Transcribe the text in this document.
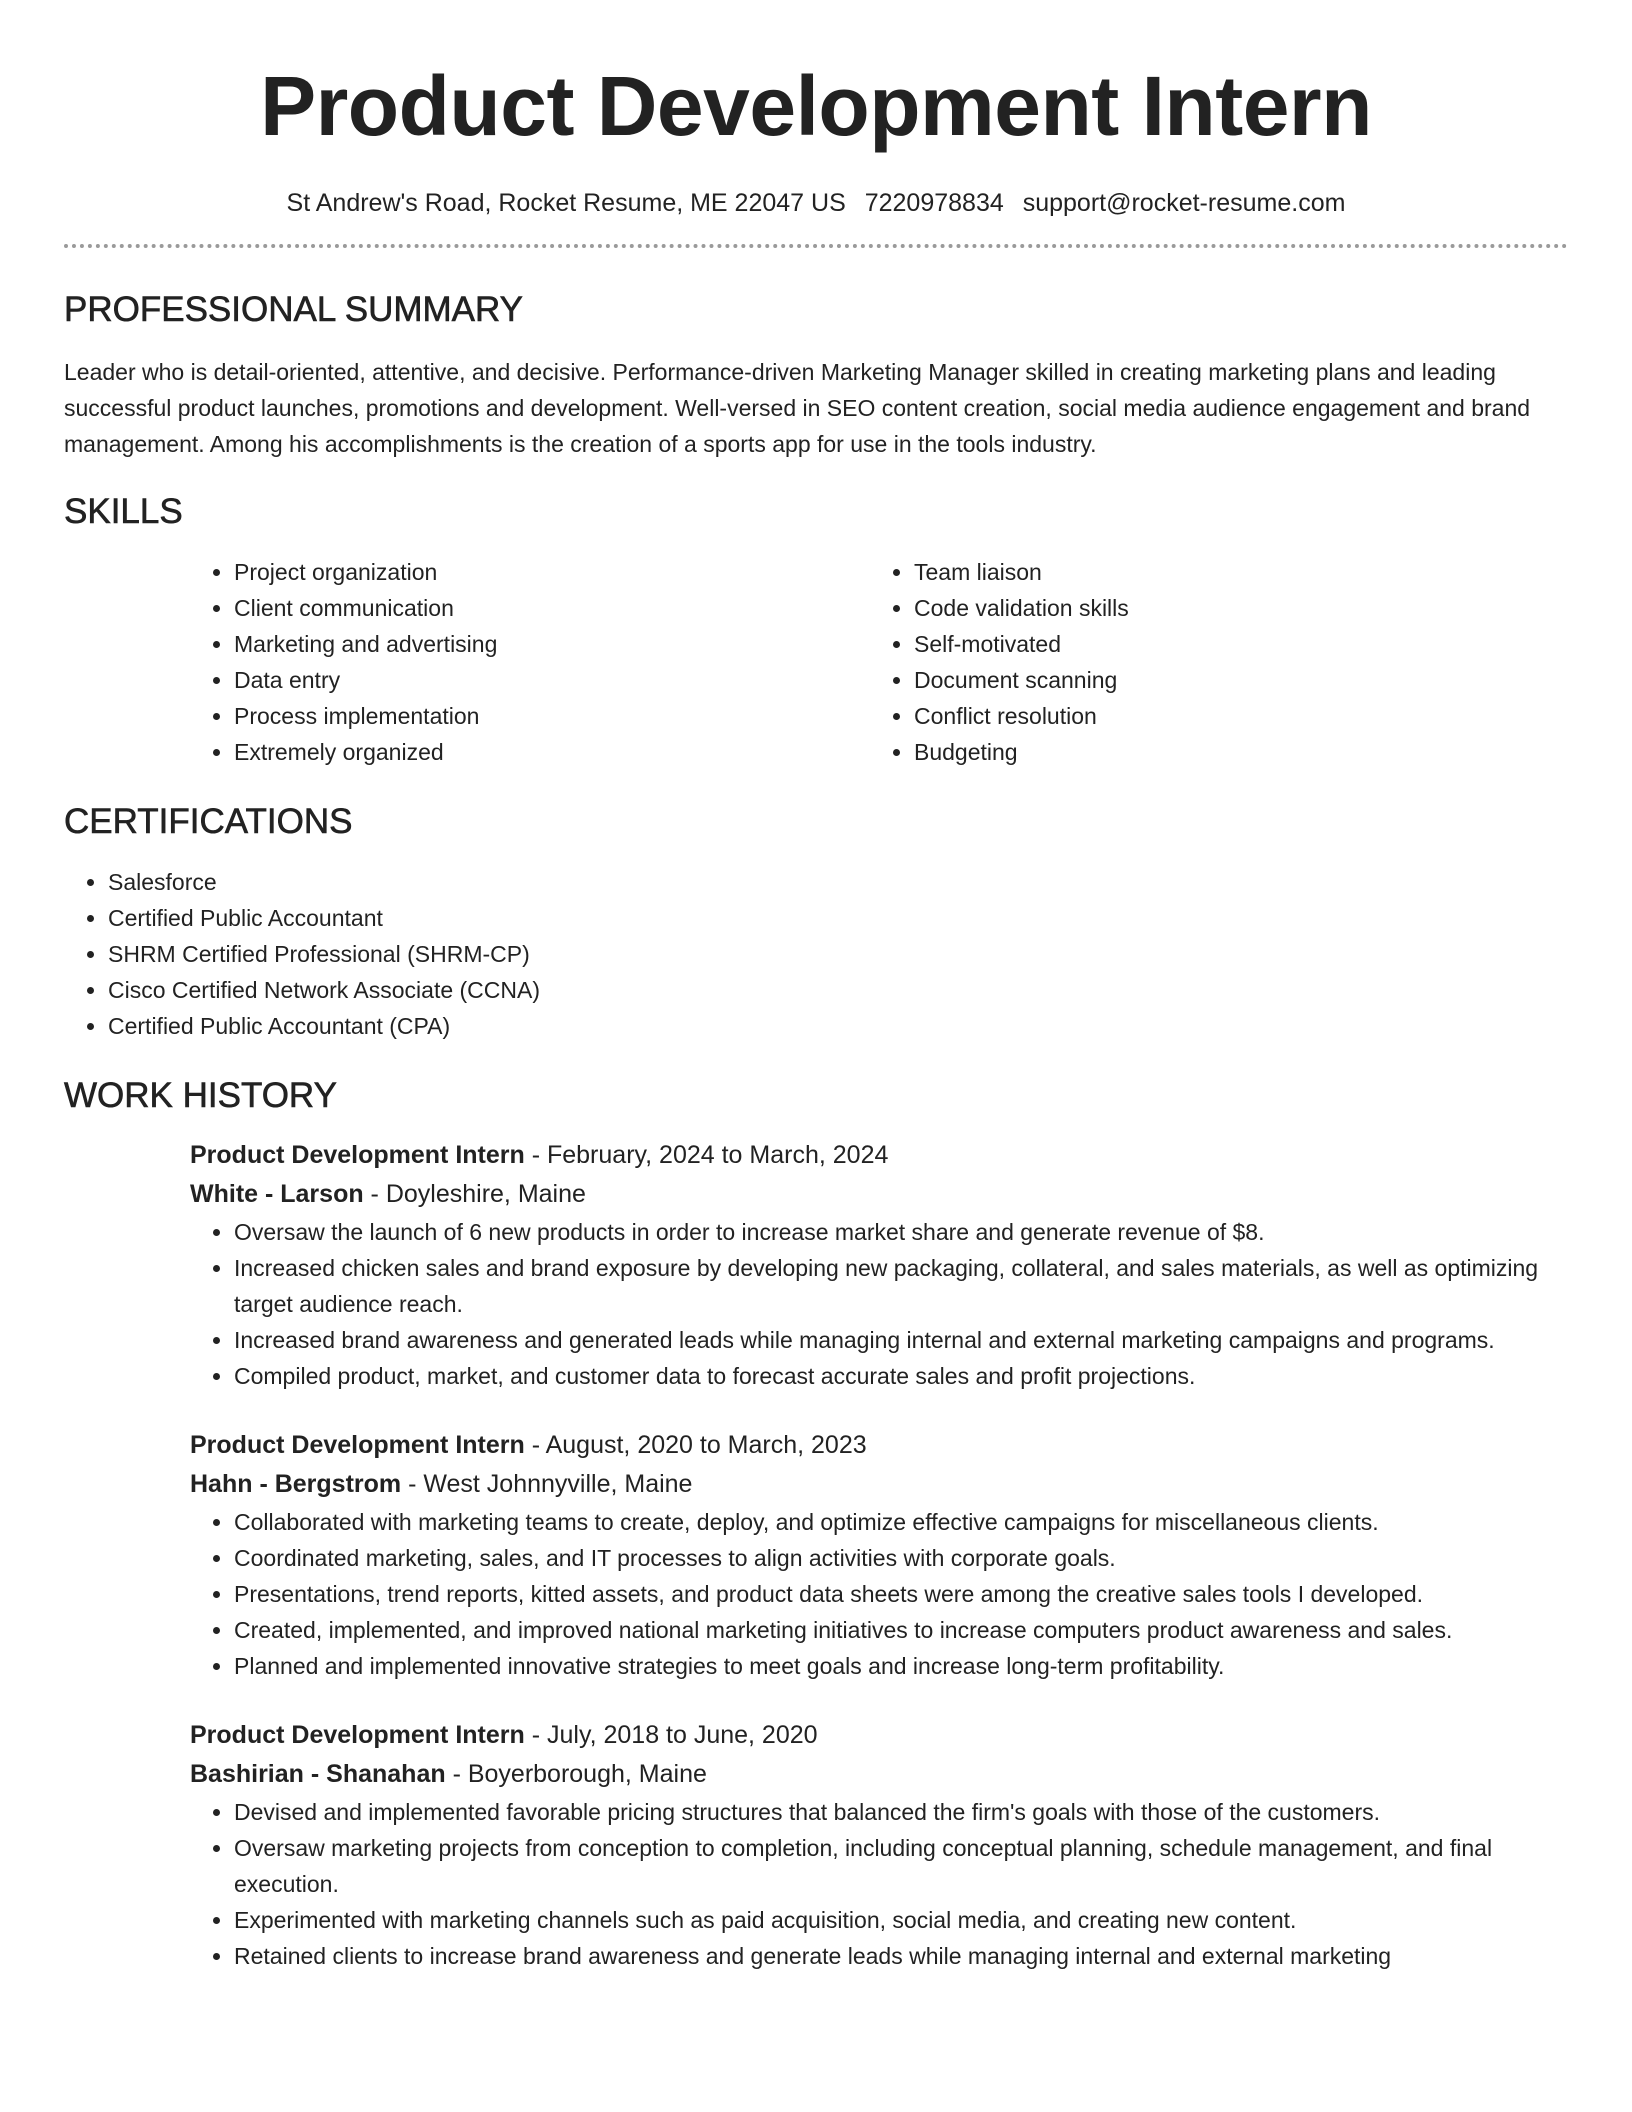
Product Development Intern
St Andrew's Road, Rocket Resume, ME 22047 US 7220978834 support@rocket-resume.com
PROFESSIONAL SUMMARY

Leader who is detail-oriented, attentive, and decisive. Performance-driven Marketing Manager skilled in creating marketing plans and leading successful product launches, promotions and development. Well-versed in SEO content creation, social media audience engagement and brand management. Among his accomplishments is the creation of a sports app for use in the tools industry.

SKILLS
• Project organization
• Client communication
• Marketing and advertising
• Data entry
• Process implementation
• Extremely organized
• Team liaison
• Code validation skills
• Self-motivated
• Document scanning
• Conflict resolution
• Budgeting
CERTIFICATIONS
• Salesforce
• Certified Public Accountant
• SHRM Certified Professional (SHRM-CP)
• Cisco Certified Network Associate (CCNA)
• Certified Public Accountant (CPA)
WORK HISTORY
Product Development Intern - February, 2024 to March, 2024
White - Larson - Doyleshire, Maine
• Oversaw the launch of 6 new products in order to increase market share and generate revenue of $8.
• Increased chicken sales and brand exposure by developing new packaging, collateral, and sales materials, as well as optimizing target audience reach.
• Increased brand awareness and generated leads while managing internal and external marketing campaigns and programs.
• Compiled product, market, and customer data to forecast accurate sales and profit projections.
Product Development Intern - August, 2020 to March, 2023
Hahn - Bergstrom - West Johnnyville, Maine
• Collaborated with marketing teams to create, deploy, and optimize effective campaigns for miscellaneous clients.
• Coordinated marketing, sales, and IT processes to align activities with corporate goals.
• Presentations, trend reports, kitted assets, and product data sheets were among the creative sales tools I developed.
• Created, implemented, and improved national marketing initiatives to increase computers product awareness and sales.
• Planned and implemented innovative strategies to meet goals and increase long-term profitability.
Product Development Intern - July, 2018 to June, 2020
Bashirian - Shanahan - Boyerborough, Maine
• Devised and implemented favorable pricing structures that balanced the firm's goals with those of the customers.
• Oversaw marketing projects from conception to completion, including conceptual planning, schedule management, and final execution.
• Experimented with marketing channels such as paid acquisition, social media, and creating new content.
• Retained clients to increase brand awareness and generate leads while managing internal and external marketing
